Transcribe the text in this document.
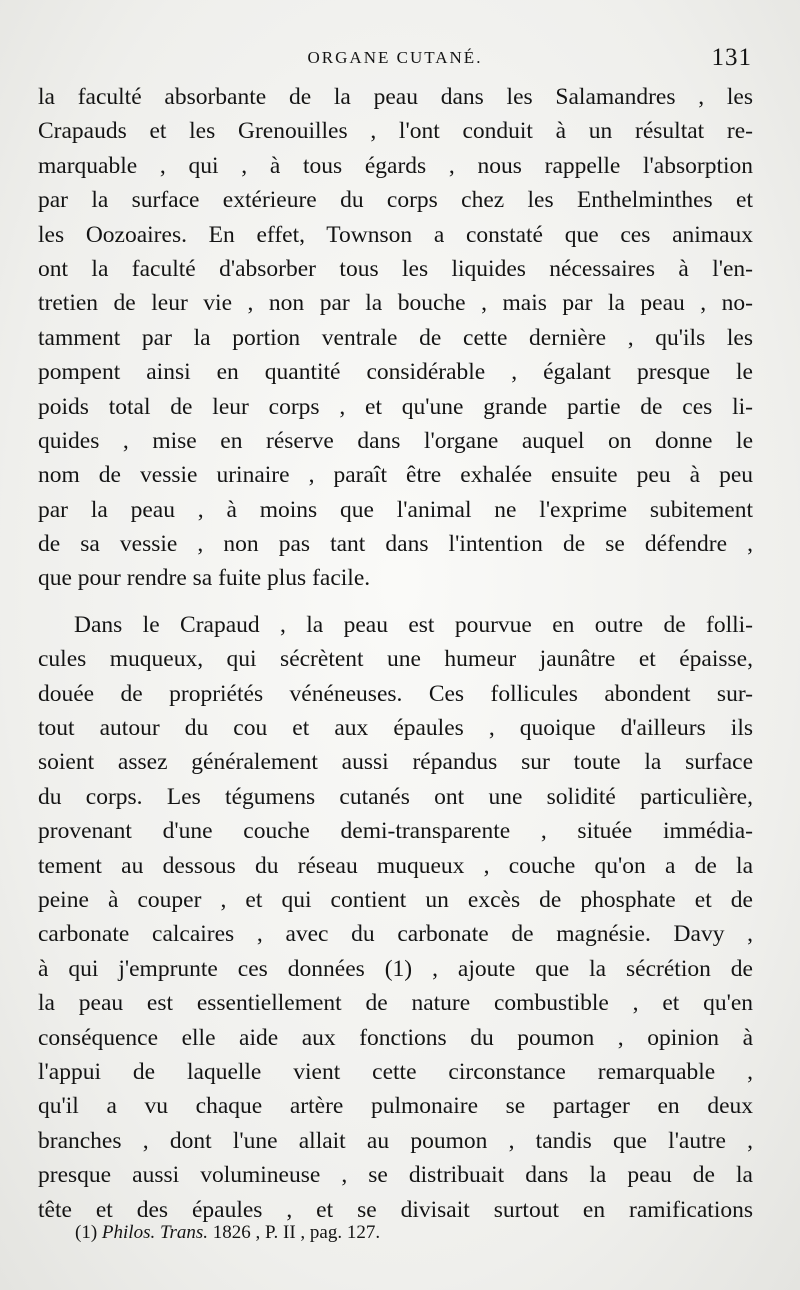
ORGANE CUTANÉ.	131
la faculté absorbante de la peau dans les Salamandres , les
Crapauds et les Grenouilles , l'ont conduit à un résultat re-
marquable , qui , à tous égards , nous rappelle l'absorption
par la surface extérieure du corps chez les Enthelminthes et
les Oozoaires. En effet, Townson a constaté que ces animaux
ont la faculté d'absorber tous les liquides nécessaires à l'en-
tretien de leur vie , non par la bouche , mais par la peau , no-
tamment par la portion ventrale de cette dernière , qu'ils les
pompent ainsi en quantité considérable , égalant presque le
poids total de leur corps , et qu'une grande partie de ces li-
quides , mise en réserve dans l'organe auquel on donne le
nom de vessie urinaire , paraît être exhalée ensuite peu à peu
par la peau , à moins que l'animal ne l'exprime subitement
de sa vessie , non pas tant dans l'intention de se défendre ,
que pour rendre sa fuite plus facile.
Dans le Crapaud , la peau est pourvue en outre de folli-
cules muqueux, qui sécrètent une humeur jaunâtre et épaisse,
douée de propriétés vénéneuses. Ces follicules abondent sur-
tout autour du cou et aux épaules , quoique d'ailleurs ils
soient assez généralement aussi répandus sur toute la surface
du corps. Les tégumens cutanés ont une solidité particulière,
provenant d'une couche demi-transparente , située immédia-
tement au dessous du réseau muqueux , couche qu'on a de la
peine à couper , et qui contient un excès de phosphate et de
carbonate calcaires , avec du carbonate de magnésie. Davy ,
à qui j'emprunte ces données (1) , ajoute que la sécrétion de
la peau est essentiellement de nature combustible , et qu'en
conséquence elle aide aux fonctions du poumon , opinion à
l'appui de laquelle vient cette circonstance remarquable ,
qu'il a vu chaque artère pulmonaire se partager en deux
branches , dont l'une allait au poumon , tandis que l'autre ,
presque aussi volumineuse , se distribuait dans la peau de la
tête et des épaules , et se divisait surtout en ramifications
(1) Philos. Trans. 1826 , P. II , pag. 127.
